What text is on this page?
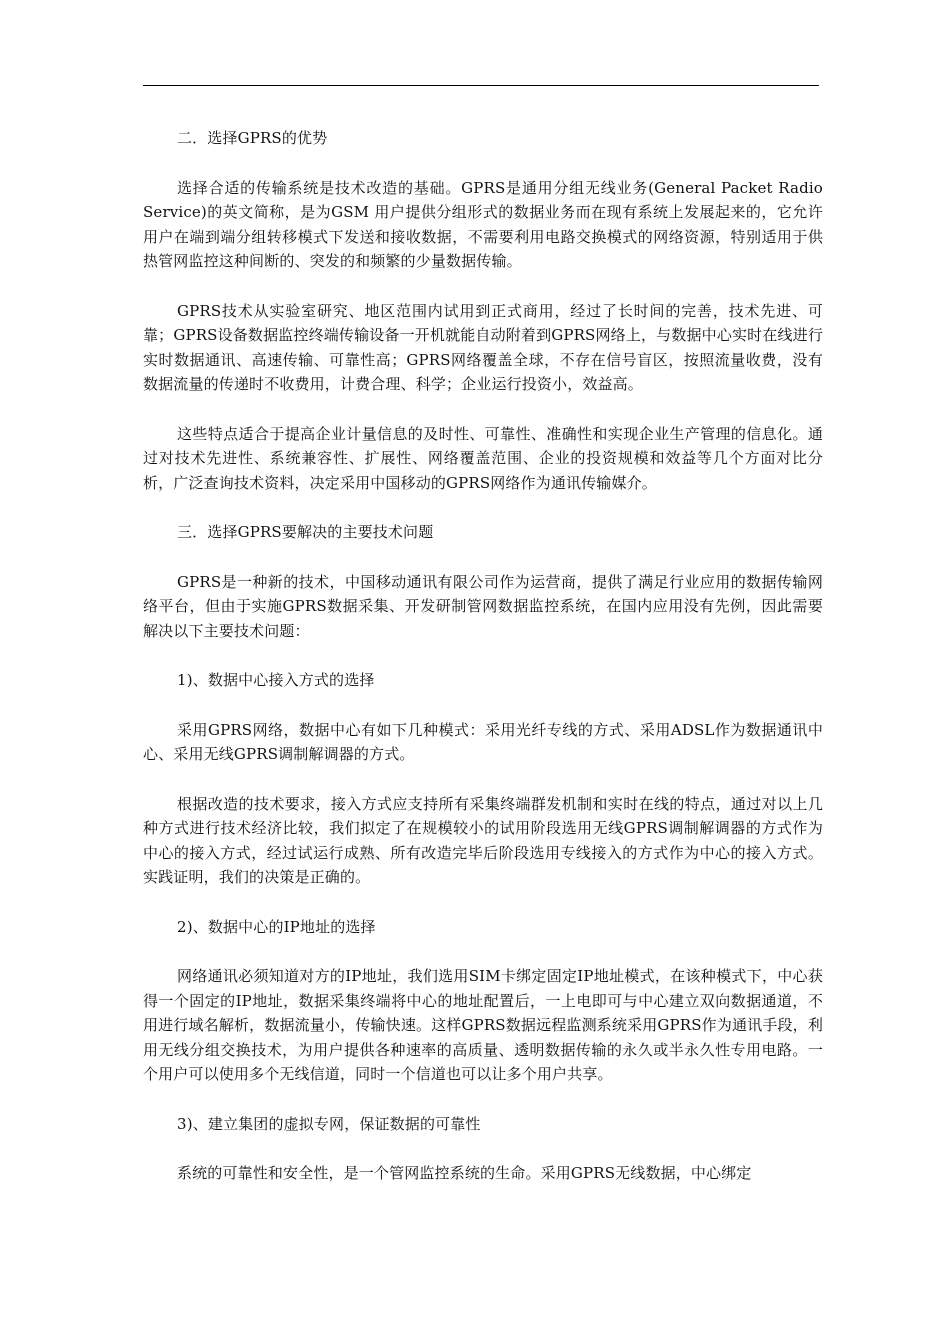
二．选择GPRS的优势

选择合适的传输系统是技术改造的基础。GPRS是通用分组无线业务(General Packet Radio Service)的英文简称，是为GSM 用户提供分组形式的数据业务而在现有系统上发展起来的，它允许用户在端到端分组转移模式下发送和接收数据，不需要利用电路交换模式的网络资源，特别适用于供热管网监控这种间断的、突发的和频繁的少量数据传输。

GPRS技术从实验室研究、地区范围内试用到正式商用，经过了长时间的完善，技术先进、可靠；GPRS设备数据监控终端传输设备一开机就能自动附着到GPRS网络上，与数据中心实时在线进行实时数据通讯、高速传输、可靠性高；GPRS网络覆盖全球，不存在信号盲区，按照流量收费，没有数据流量的传递时不收费用，计费合理、科学；企业运行投资小，效益高。

这些特点适合于提高企业计量信息的及时性、可靠性、准确性和实现企业生产管理的信息化。通过对技术先进性、系统兼容性、扩展性、网络覆盖范围、企业的投资规模和效益等几个方面对比分析，广泛查询技术资料，决定采用中国移动的GPRS网络作为通讯传输媒介。

三．选择GPRS要解决的主要技术问题

GPRS是一种新的技术，中国移动通讯有限公司作为运营商，提供了满足行业应用的数据传输网络平台，但由于实施GPRS数据采集、开发研制管网数据监控系统，在国内应用没有先例，因此需要解决以下主要技术问题：

1)、数据中心接入方式的选择

采用GPRS网络，数据中心有如下几种模式：采用光纤专线的方式、采用ADSL作为数据通讯中心、采用无线GPRS调制解调器的方式。

根据改造的技术要求，接入方式应支持所有采集终端群发机制和实时在线的特点，通过对以上几种方式进行技术经济比较，我们拟定了在规模较小的试用阶段选用无线GPRS调制解调器的方式作为中心的接入方式，经过试运行成熟、所有改造完毕后阶段选用专线接入的方式作为中心的接入方式。实践证明，我们的决策是正确的。

2)、数据中心的IP地址的选择

网络通讯必须知道对方的IP地址，我们选用SIM卡绑定固定IP地址模式，在该种模式下，中心获得一个固定的IP地址，数据采集终端将中心的地址配置后，一上电即可与中心建立双向数据通道，不用进行域名解析，数据流量小，传输快速。这样GPRS数据远程监测系统采用GPRS作为通讯手段，利用无线分组交换技术，为用户提供各种速率的高质量、透明数据传输的永久或半永久性专用电路。一个用户可以使用多个无线信道，同时一个信道也可以让多个用户共享。

3)、建立集团的虚拟专网，保证数据的可靠性

系统的可靠性和安全性，是一个管网监控系统的生命。采用GPRS无线数据，中心绑定
